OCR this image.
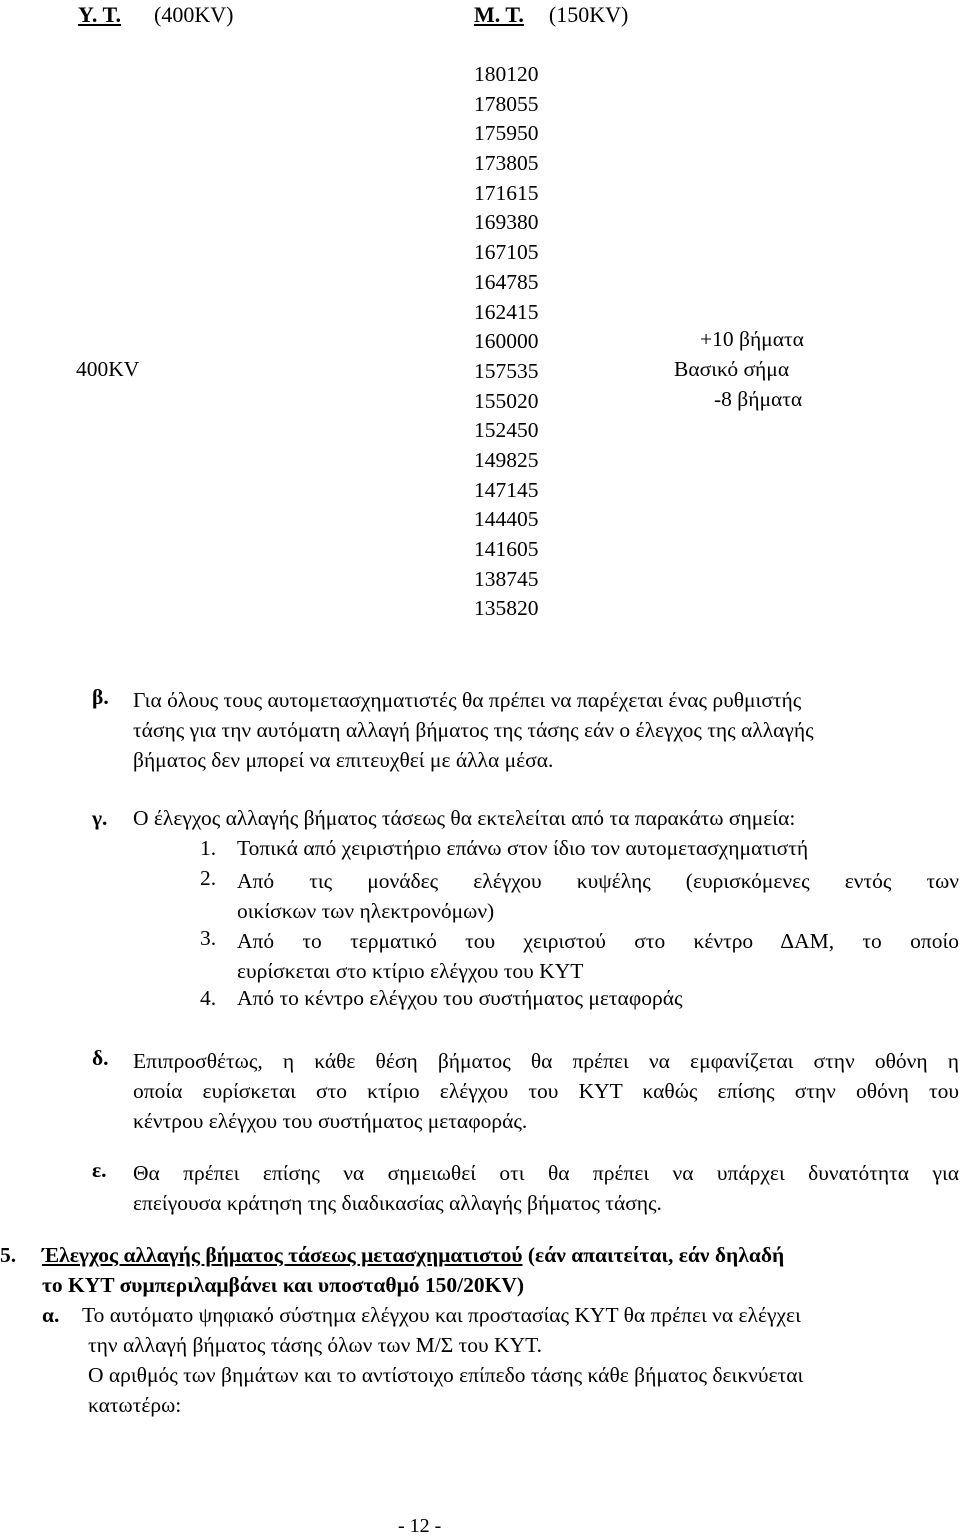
Υ. Τ. (400KV)	Μ. Τ. (150KV)
180120
178055
175950
173805
171615
169380
167105
164785
162415
160000
157535
155020
152450
149825
147145
144405
141605
138745
135820
400KV
+10 βήματα
Βασικό σήμα
-8 βήματα
β. Για όλους τους αυτομετασχηματιστές θα πρέπει να παρέχεται ένας ρυθμιστής
τάσης για την αυτόματη αλλαγή βήματος της τάσης εάν ο έλεγχος της αλλαγής
βήματος δεν μπορεί να επιτευχθεί με άλλα μέσα.
γ. Ο έλεγχος αλλαγής βήματος τάσεως θα εκτελείται από τα παρακάτω σημεία:
1. Τοπικά από χειριστήριο επάνω στον ίδιο τον αυτομετασχηματιστή
2. Από τις μονάδες ελέγχου κυψέλης (ευρισκόμενες εντός των
οικίσκων των ηλεκτρονόμων)
3. Από το τερματικό του χειριστού στο κέντρο ΔΑΜ, το οποίο
ευρίσκεται στο κτίριο ελέγχου του ΚΥΤ
4. Από το κέντρο ελέγχου του συστήματος μεταφοράς
δ. Επιπροσθέτως, η κάθε θέση βήματος θα πρέπει να εμφανίζεται στην οθόνη η
οποία ευρίσκεται στο κτίριο ελέγχου του ΚΥΤ καθώς επίσης στην οθόνη του
κέντρου ελέγχου του συστήματος μεταφοράς.
ε. Θα πρέπει επίσης να σημειωθεί οτι θα πρέπει να υπάρχει δυνατότητα για
επείγουσα κράτηση της διαδικασίας αλλαγής βήματος τάσης.
5. Έλεγχος αλλαγής βήματος τάσεως μετασχηματιστού (εάν απαιτείται, εάν δηλαδή
το ΚΥΤ συμπεριλαμβάνει και υποσταθμό 150/20KV)
α. Το αυτόματο ψηφιακό σύστημα ελέγχου και προστασίας ΚΥΤ θα πρέπει να ελέγχει
την αλλαγή βήματος τάσης όλων των Μ/Σ του ΚΥΤ.
Ο αριθμός των βημάτων και το αντίστοιχο επίπεδο τάσης κάθε βήματος δεικνύεται
κατωτέρω:
- 12 -
